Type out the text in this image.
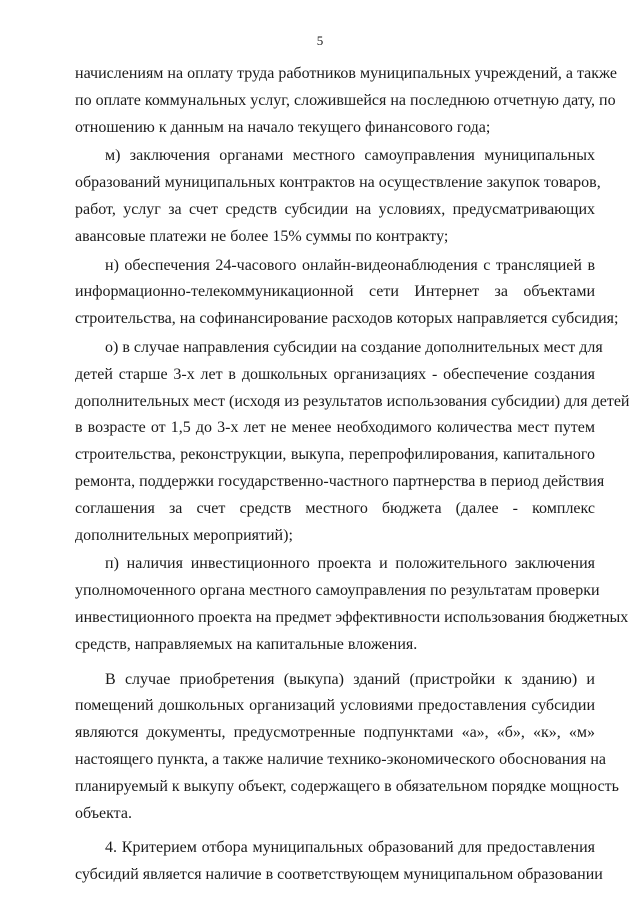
5
начислениям на оплату труда работников муниципальных учреждений, а также
по оплате коммунальных услуг, сложившейся на последнюю отчетную дату, по
отношению к данным на начало текущего финансового года;
м) заключения органами местного самоуправления муниципальных
образований муниципальных контрактов на осуществление закупок товаров,
работ, услуг за счет средств субсидии на условиях, предусматривающих
авансовые платежи не более 15% суммы по контракту;
н) обеспечения 24-часового онлайн-видеонаблюдения с трансляцией в
информационно-телекоммуникационной сети Интернет за объектами
строительства, на софинансирование расходов которых направляется субсидия;
о) в случае направления субсидии на создание дополнительных мест для
детей старше 3-х лет в дошкольных организациях - обеспечение создания
дополнительных мест (исходя из результатов использования субсидии) для детей
в возрасте от 1,5 до 3-х лет не менее необходимого количества мест путем
строительства, реконструкции, выкупа, перепрофилирования, капитального
ремонта, поддержки государственно-частного партнерства в период действия
соглашения за счет средств местного бюджета (далее - комплекс
дополнительных мероприятий);
п) наличия инвестиционного проекта и положительного заключения
уполномоченного органа местного самоуправления по результатам проверки
инвестиционного проекта на предмет эффективности использования бюджетных
средств, направляемых на капитальные вложения.
В случае приобретения (выкупа) зданий (пристройки к зданию) и
помещений дошкольных организаций условиями предоставления субсидии
являются документы, предусмотренные подпунктами «а», «б», «к», «м»
настоящего пункта, а также наличие технико-экономического обоснования на
планируемый к выкупу объект, содержащего в обязательном порядке мощность
объекта.
4. Критерием отбора муниципальных образований для предоставления
субсидий является наличие в соответствующем муниципальном образовании
